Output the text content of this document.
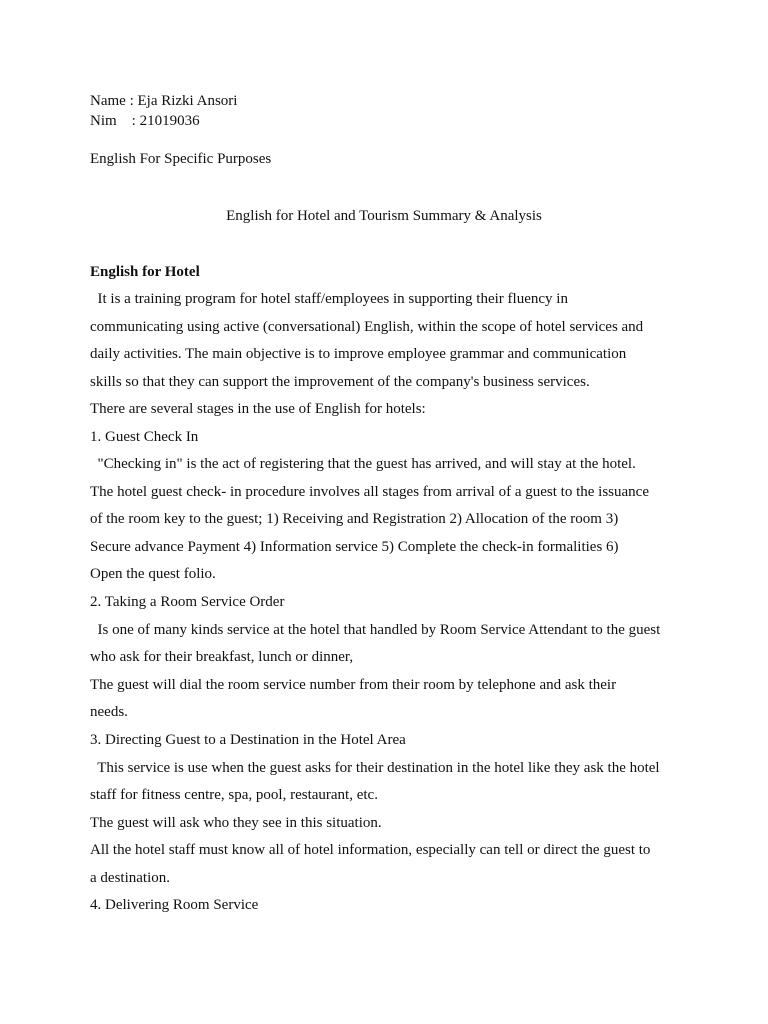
Name : Eja Rizki Ansori
Nim    : 21019036
English For Specific Purposes
English for Hotel and Tourism Summary & Analysis
English for Hotel
It is a training program for hotel staff/employees in supporting their fluency in
communicating using active (conversational) English, within the scope of hotel services and
daily activities. The main objective is to improve employee grammar and communication
skills so that they can support the improvement of the company's business services.
There are several stages in the use of English for hotels:
1. Guest Check In
"Checking in" is the act of registering that the guest has arrived, and will stay at the hotel.
The hotel guest check- in procedure involves all stages from arrival of a guest to the issuance
of the room key to the guest; 1) Receiving and Registration 2) Allocation of the room 3)
Secure advance Payment 4) Information service 5) Complete the check-in formalities 6)
Open the quest folio.
2. Taking a Room Service Order
Is one of many kinds service at the hotel that handled by Room Service Attendant to the guest
who ask for their breakfast, lunch or dinner,
The guest will dial the room service number from their room by telephone and ask their
needs.
3. Directing Guest to a Destination in the Hotel Area
This service is use when the guest asks for their destination in the hotel like they ask the hotel
staff for fitness centre, spa, pool, restaurant, etc.
The guest will ask who they see in this situation.
All the hotel staff must know all of hotel information, especially can tell or direct the guest to
a destination.
4. Delivering Room Service
